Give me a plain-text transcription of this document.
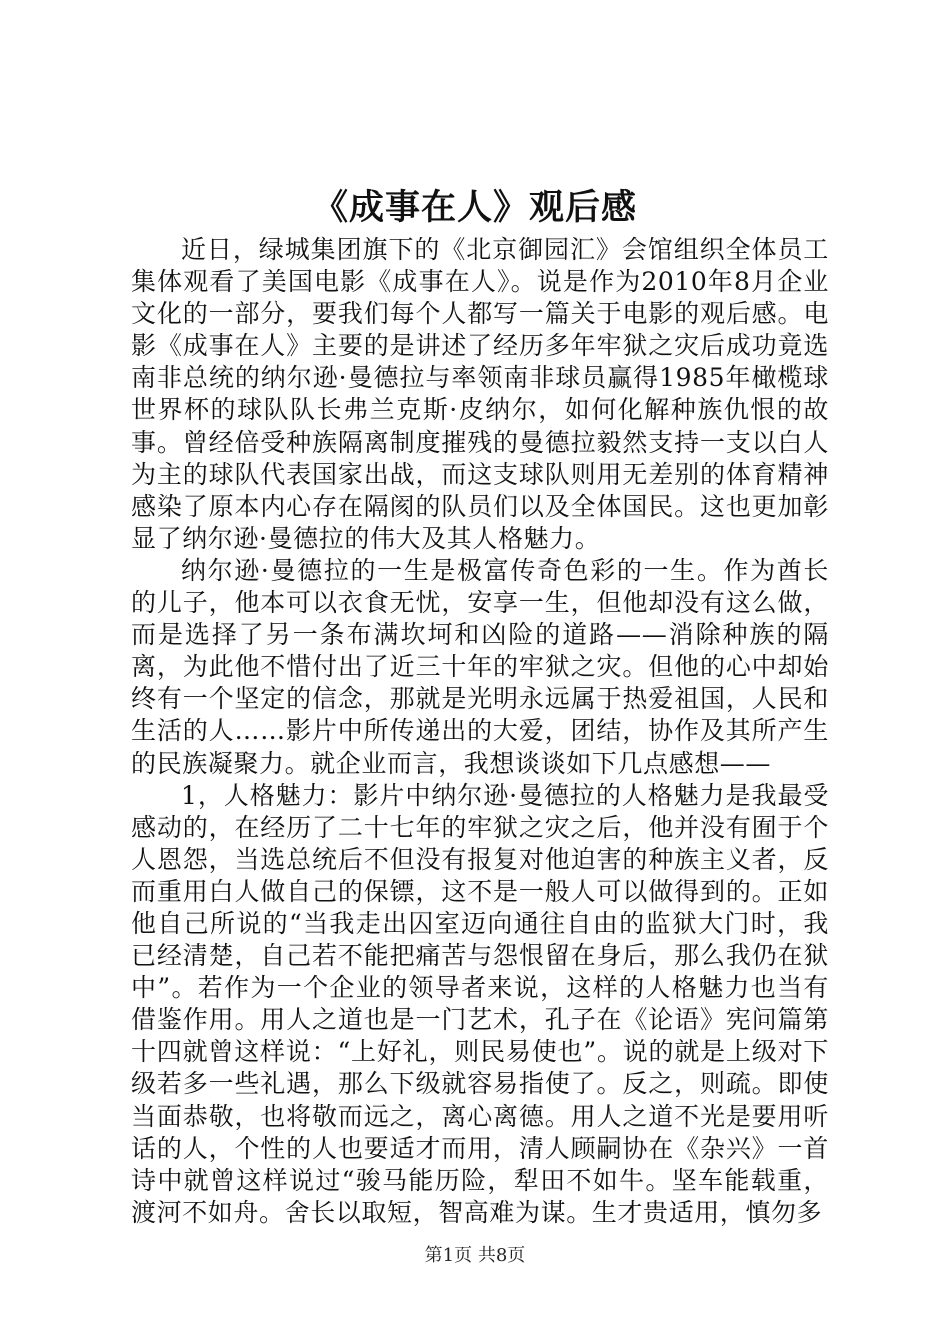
《成事在人》观后感

近日，绿城集团旗下的《北京御园汇》会馆组织全体员工集体观看了美国电影《成事在人》。说是作为2010年8月企业文化的一部分，要我们每个人都写一篇关于电影的观后感。电影《成事在人》主要的是讲述了经历多年牢狱之灾后成功竟选南非总统的纳尔逊·曼德拉与率领南非球员赢得1985年橄榄球世界杯的球队队长弗兰克斯·皮纳尔，如何化解种族仇恨的故事。曾经倍受种族隔离制度摧残的曼德拉毅然支持一支以白人为主的球队代表国家出战，而这支球队则用无差别的体育精神感染了原本内心存在隔阂的队员们以及全体国民。这也更加彰显了纳尔逊·曼德拉的伟大及其人格魅力。

纳尔逊·曼德拉的一生是极富传奇色彩的一生。作为酋长的儿子，他本可以衣食无忧，安享一生，但他却没有这么做，而是选择了另一条布满坎坷和凶险的道路——消除种族的隔离，为此他不惜付出了近三十年的牢狱之灾。但他的心中却始终有一个坚定的信念，那就是光明永远属于热爱祖国，人民和生活的人……影片中所传递出的大爱，团结，协作及其所产生的民族凝聚力。就企业而言，我想谈谈如下几点感想——

1，人格魅力：影片中纳尔逊·曼德拉的人格魅力是我最受感动的，在经历了二十七年的牢狱之灾之后，他并没有囿于个人恩怨，当选总统后不但没有报复对他迫害的种族主义者，反而重用白人做自己的保镖，这不是一般人可以做得到的。正如他自己所说的“当我走出囚室迈向通往自由的监狱大门时，我已经清楚，自己若不能把痛苦与怨恨留在身后，那么我仍在狱中”。若作为一个企业的领导者来说，这样的人格魅力也当有借鉴作用。用人之道也是一门艺术，孔子在《论语》宪问篇第十四就曾这样说：“上好礼，则民易使也”。说的就是上级对下级若多一些礼遇，那么下级就容易指使了。反之，则疏。即使当面恭敬，也将敬而远之，离心离德。用人之道不光是要用听话的人，个性的人也要适才而用，清人顾嗣协在《杂兴》一首诗中就曾这样说过“骏马能历险，犁田不如牛。坚车能载重，渡河不如舟。舍长以取短，智高难为谋。生才贵适用，慎勿多

第1页 共8页
